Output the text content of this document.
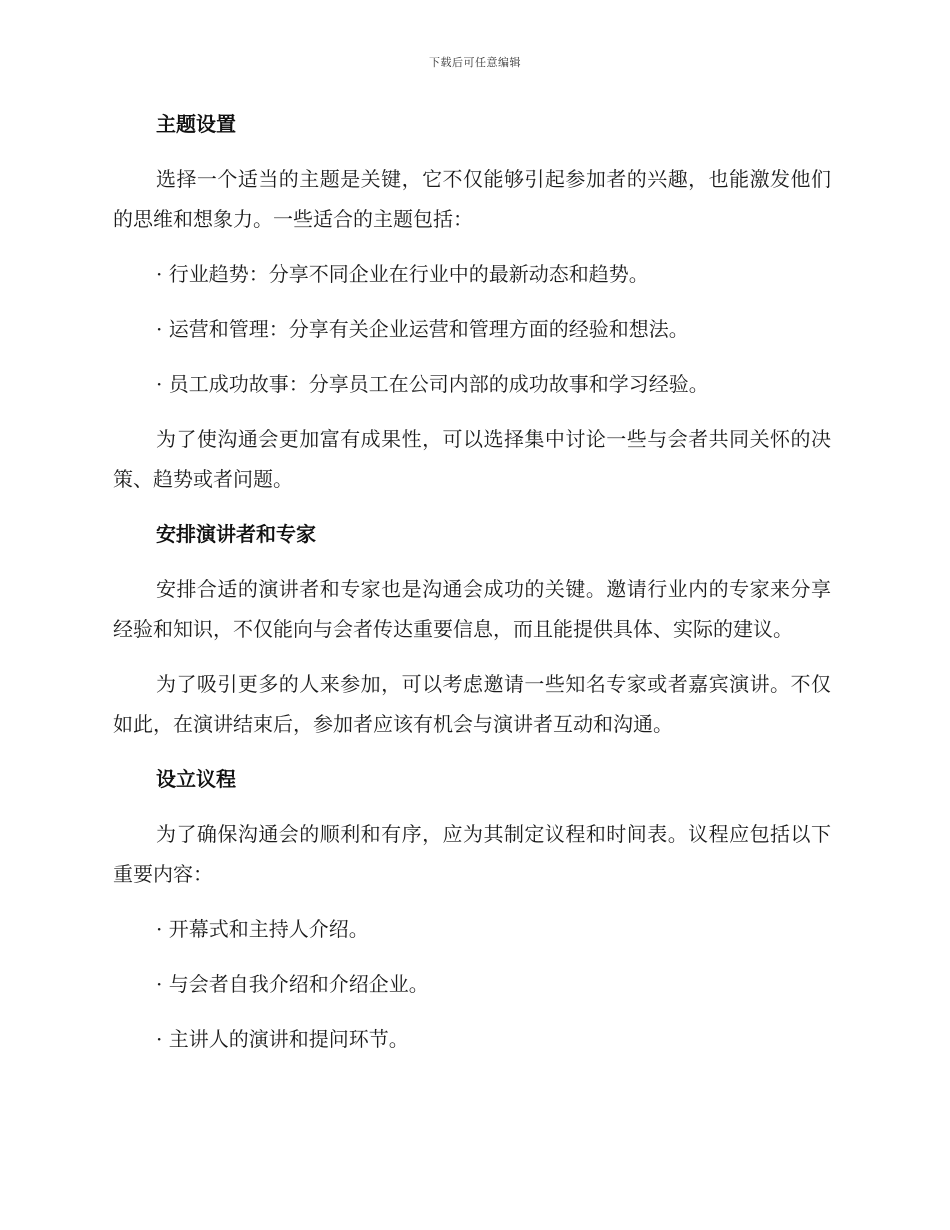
下载后可任意编辑
主题设置

选择一个适当的主题是关键，它不仅能够引起参加者的兴趣，也能激发他们的思维和想象力。一些适合的主题包括：

· 行业趋势：分享不同企业在行业中的最新动态和趋势。

· 运营和管理：分享有关企业运营和管理方面的经验和想法。

· 员工成功故事：分享员工在公司内部的成功故事和学习经验。

为了使沟通会更加富有成果性，可以选择集中讨论一些与会者共同关怀的决策、趋势或者问题。

安排演讲者和专家

安排合适的演讲者和专家也是沟通会成功的关键。邀请行业内的专家来分享经验和知识，不仅能向与会者传达重要信息，而且能提供具体、实际的建议。

为了吸引更多的人来参加，可以考虑邀请一些知名专家或者嘉宾演讲。不仅如此，在演讲结束后，参加者应该有机会与演讲者互动和沟通。

设立议程

为了确保沟通会的顺利和有序，应为其制定议程和时间表。议程应包括以下重要内容：

· 开幕式和主持人介绍。

· 与会者自我介绍和介绍企业。

· 主讲人的演讲和提问环节。
